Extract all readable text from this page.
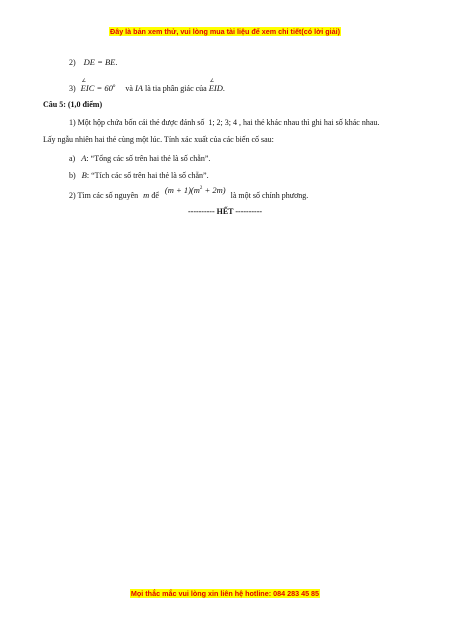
Đây là bản xem thử, vui lòng mua tài liệu để xem chi tiết(có lời giải)
2) DE = BE.
3) ∠ EIC = $60^o$ và IA là tia phân giác của ∠ EID.
Câu 5: (1,0 điểm)
1) Một hộp chứa bốn cái thẻ được đánh số 1; 2; 3; 4 , hai thẻ khác nhau thì ghi hai số khác nhau.
Lấy ngẫu nhiên hai thẻ cùng một lúc. Tính xác xuất của các biến cố sau:
a) A: “Tổng các số trên hai thẻ là số chẵn”.
b) B: “Tích các số trên hai thẻ là số chẵn”.
2) Tìm các số nguyên m để $(m + 1)(m^2 + 2m)$ là một số chính phương.
---------- HẾT ----------
Mọi thắc mắc vui lòng xin liên hệ hotline: 084 283 45 85
